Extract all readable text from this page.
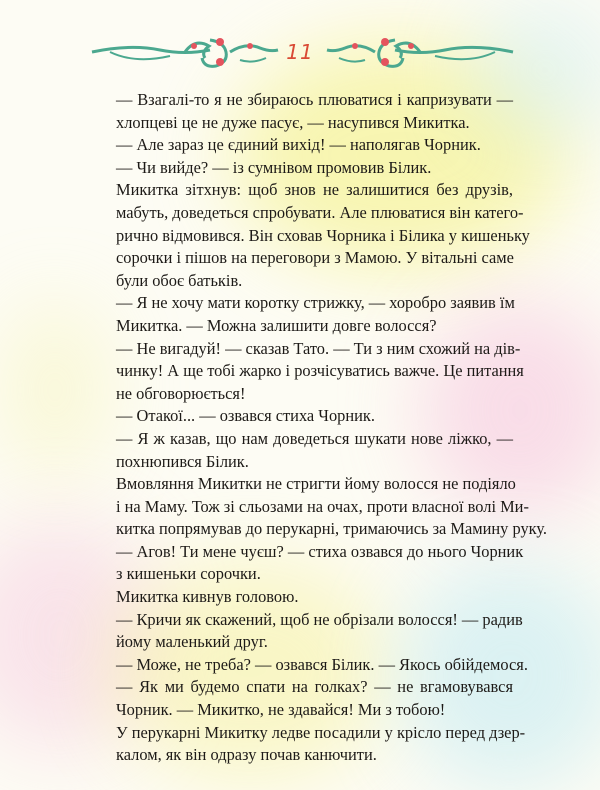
11

— Взагалі-то я не збираюсь плюватися і капризувати —
хлопцеві це не дуже пасує, — насупився Микитка.

— Але зараз це єдиний вихід! — наполягав Чорник.

— Чи вийде? — із сумнівом промовив Білик.

Микитка зітхнув: щоб знов не залишитися без друзів,
мабуть, доведеться спробувати. Але плюватися він катего-
рично відмовився. Він сховав Чорника і Білика у кишеньку
сорочки і пішов на переговори з Мамою. У вітальні саме
були обоє батьків.

— Я не хочу мати коротку стрижку, — хоробро заявив їм
Микитка. — Можна залишити довге волосся?

— Не вигадуй! — сказав Тато. — Ти з ним схожий на дів-
чинку! А ще тобі жарко і розчісуватись важче. Це питання
не обговорюється!

— Отакої... — озвався стиха Чорник.

— Я ж казав, що нам доведеться шукати нове ліжко, —
похнюпився Білик.

Вмовляння Микитки не стригти йому волосся не подіяло
і на Маму. Тож зі сльозами на очах, проти власної волі Ми-
китка попрямував до перукарні, тримаючись за Мамину руку.

— Агов! Ти мене чуєш? — стиха озвався до нього Чорник
з кишеньки сорочки.

Микитка кивнув головою.

— Кричи як скажений, щоб не обрізали волосся! — радив
йому маленький друг.

— Може, не треба? — озвався Білик. — Якось обійдемося.

— Як ми будемо спати на голках? — не вгамовувався
Чорник. — Микитко, не здавайся! Ми з тобою!

У перукарні Микитку ледве посадили у крісло перед дзер-
калом, як він одразу почав канючити.
